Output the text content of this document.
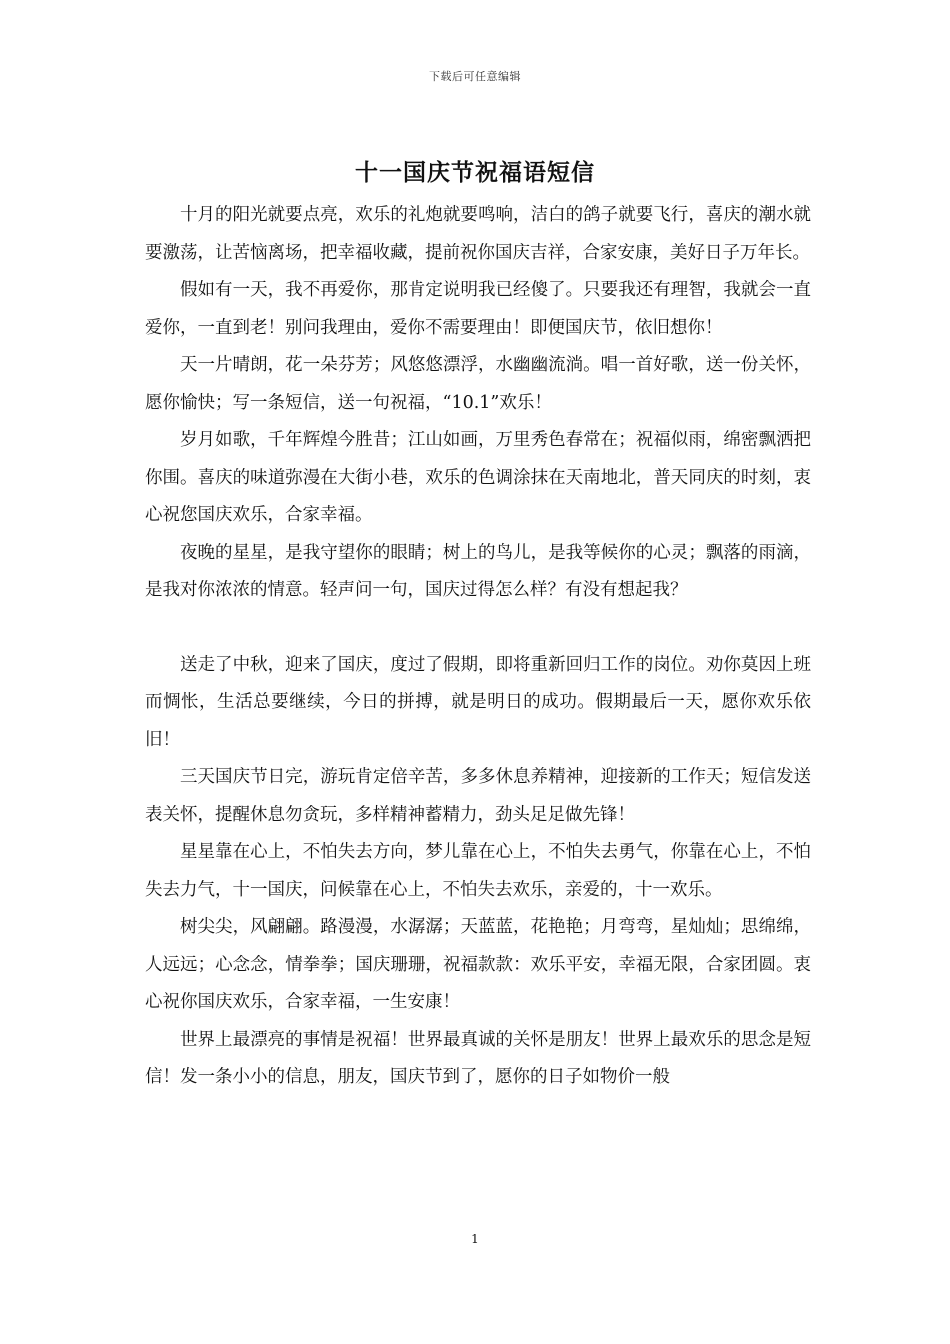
下载后可任意编辑
十一国庆节祝福语短信

十月的阳光就要点亮，欢乐的礼炮就要鸣响，洁白的鸽子就要飞行，喜庆的潮水就要激荡，让苦恼离场，把幸福收藏，提前祝你国庆吉祥，合家安康，美好日子万年长。

假如有一天，我不再爱你，那肯定说明我已经傻了。只要我还有理智，我就会一直爱你，一直到老！别问我理由，爱你不需要理由！即便国庆节，依旧想你！

天一片晴朗，花一朵芬芳；风悠悠漂浮，水幽幽流淌。唱一首好歌，送一份关怀，愿你愉快；写一条短信，送一句祝福，“10.1”欢乐！

岁月如歌，千年辉煌今胜昔；江山如画，万里秀色春常在；祝福似雨，绵密飘洒把你围。喜庆的味道弥漫在大街小巷，欢乐的色调涂抹在天南地北，普天同庆的时刻，衷心祝您国庆欢乐，合家幸福。

夜晚的星星，是我守望你的眼睛；树上的鸟儿，是我等候你的心灵；飘落的雨滴，是我对你浓浓的情意。轻声问一句，国庆过得怎么样？有没有想起我？

送走了中秋，迎来了国庆，度过了假期，即将重新回归工作的岗位。劝你莫因上班而惆怅，生活总要继续，今日的拼搏，就是明日的成功。假期最后一天，愿你欢乐依旧！

三天国庆节日完，游玩肯定倍辛苦，多多休息养精神，迎接新的工作天；短信发送表关怀，提醒休息勿贪玩，多样精神蓄精力，劲头足足做先锋！

星星靠在心上，不怕失去方向，梦儿靠在心上，不怕失去勇气，你靠在心上，不怕失去力气，十一国庆，问候靠在心上，不怕失去欢乐，亲爱的，十一欢乐。

树尖尖，风翩翩。路漫漫，水潺潺；天蓝蓝，花艳艳；月弯弯，星灿灿；思绵绵，人远远；心念念，情拳拳；国庆珊珊，祝福款款：欢乐平安，幸福无限，合家团圆。衷心祝你国庆欢乐，合家幸福，一生安康！

世界上最漂亮的事情是祝福！世界最真诚的关怀是朋友！世界上最欢乐的思念是短信！发一条小小的信息，朋友，国庆节到了，愿你的日子如物价一般

1
